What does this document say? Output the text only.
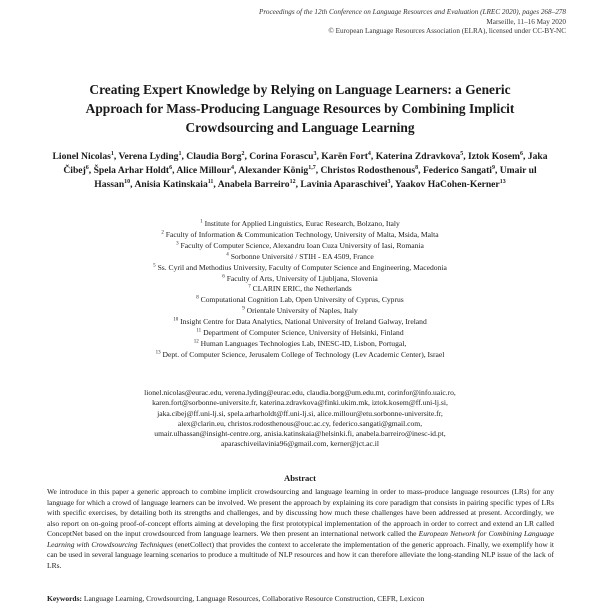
Proceedings of the 12th Conference on Language Resources and Evaluation (LREC 2020), pages 268–278
Marseille, 11–16 May 2020
© European Language Resources Association (ELRA), licensed under CC-BY-NC
Creating Expert Knowledge by Relying on Language Learners: a Generic
Approach for Mass-Producing Language Resources by Combining Implicit
Crowdsourcing and Language Learning
Lionel Nicolas$^1$, Verena Lyding$^1$, Claudia Borg$^2$, Corina Forascu$^3$, Karën Fort$^4$, Katerina Zdravkova$^5$, Iztok Kosem$^6$, Jaka Čibej$^6$, Špela Arhar Holdt$^6$, Alice Millour$^4$, Alexander König$^{1,7}$, Christos Rodosthenous$^8$, Federico Sangati$^9$, Umair ul Hassan$^{10}$, Anisia Katinskaia$^{11}$, Anabela Barreiro$^{12}$, Lavinia Aparaschivei$^3$, Yaakov HaCohen-Kerner$^{13}$
$^1$ Institute for Applied Linguistics, Eurac Research, Bolzano, Italy
$^2$ Faculty of Information & Communication Technology, University of Malta, Msida, Malta
$^3$ Faculty of Computer Science, Alexandru Ioan Cuza University of Iasi, Romania
$^4$ Sorbonne Université / STIH - EA 4509, France
$^5$ Ss. Cyril and Methodius University, Faculty of Computer Science and Engineering, Macedonia
$^6$ Faculty of Arts, University of Ljubljana, Slovenia
$^7$ CLARIN ERIC, the Netherlands
$^8$ Computational Cognition Lab, Open University of Cyprus, Cyprus
$^9$ Orientale University of Naples, Italy
$^{10}$ Insight Centre for Data Analytics, National University of Ireland Galway, Ireland
$^{11}$ Department of Computer Science, University of Helsinki, Finland
$^{12}$ Human Languages Technologies Lab, INESC-ID, Lisbon, Portugal,
$^{13}$ Dept. of Computer Science, Jerusalem College of Technology (Lev Academic Center), Israel
lionel.nicolas@eurac.edu, verena.lyding@eurac.edu, claudia.borg@um.edu.mt, corinfor@info.uaic.ro,
karen.fort@sorbonne-universite.fr, katerina.zdravkova@finki.ukim.mk, iztok.kosem@ff.uni-lj.si,
jaka.cibej@ff.uni-lj.si, spela.arharholdt@ff.uni-lj.si, alice.millour@etu.sorbonne-universite.fr,
alex@clarin.eu, christos.rodosthenous@ouc.ac.cy, federico.sangati@gmail.com,
umair.ulhassan@insight-centre.org, anisia.katinskaia@helsinki.fi, anabela.barreiro@inesc-id.pt,
aparaschiveilavinia96@gmail.com, kerner@jct.ac.il
Abstract
We introduce in this paper a generic approach to combine implicit crowdsourcing and language learning in order to mass-produce language resources (LRs) for any language for which a crowd of language learners can be involved. We present the approach by explaining its core paradigm that consists in pairing specific types of LRs with specific exercises, by detailing both its strengths and challenges, and by discussing how much these challenges have been addressed at present. Accordingly, we also report on on-going proof-of-concept efforts aiming at developing the first prototypical implementation of the approach in order to correct and extend an LR called ConceptNet based on the input crowdsourced from language learners. We then present an international network called the European Network for Combining Language Learning with Crowdsourcing Techniques (enetCollect) that provides the context to accelerate the implementation of the generic approach. Finally, we exemplify how it can be used in several language learning scenarios to produce a multitude of NLP resources and how it can therefore alleviate the long-standing NLP issue of the lack of LRs.
Keywords: Language Learning, Crowdsourcing, Language Resources, Collaborative Resource Construction, CEFR, Lexicon
